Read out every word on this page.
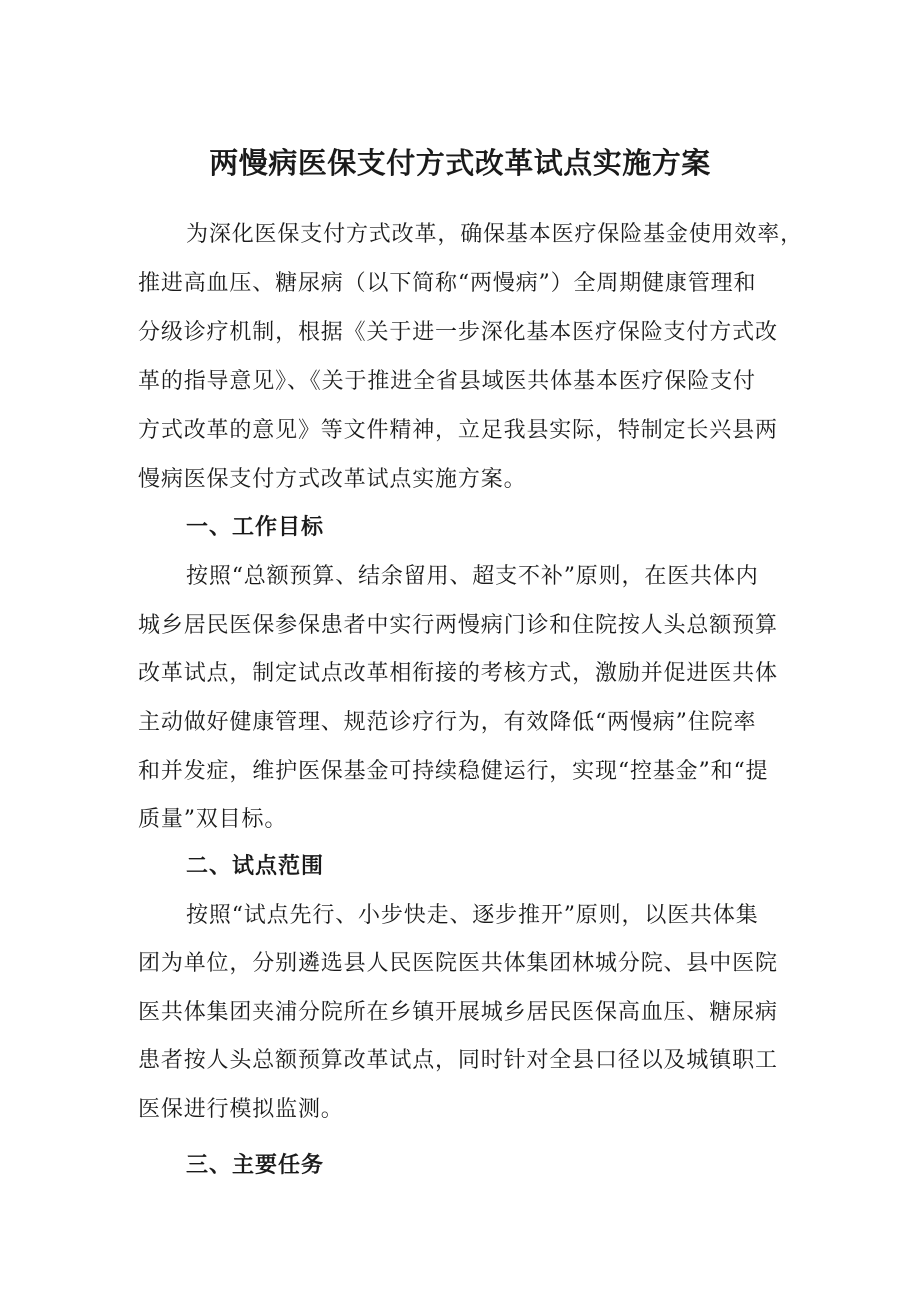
两慢病医保支付方式改革试点实施方案

为深化医保支付方式改革，确保基本医疗保险基金使用效率，

推进高血压、糖尿病（以下简称“两慢病”）全周期健康管理和

分级诊疗机制，根据《关于进一步深化基本医疗保险支付方式改

革的指导意见》、《关于推进全省县域医共体基本医疗保险支付

方式改革的意见》等文件精神，立足我县实际，特制定长兴县两

慢病医保支付方式改革试点实施方案。

一、工作目标

按照“总额预算、结余留用、超支不补”原则，在医共体内

城乡居民医保参保患者中实行两慢病门诊和住院按人头总额预算

改革试点，制定试点改革相衔接的考核方式，激励并促进医共体

主动做好健康管理、规范诊疗行为，有效降低“两慢病”住院率

和并发症，维护医保基金可持续稳健运行，实现“控基金”和“提

质量”双目标。

二、试点范围

按照“试点先行、小步快走、逐步推开”原则，以医共体集

团为单位，分别遴选县人民医院医共体集团林城分院、县中医院

医共体集团夹浦分院所在乡镇开展城乡居民医保高血压、糖尿病

患者按人头总额预算改革试点，同时针对全县口径以及城镇职工

医保进行模拟监测。

三、主要任务
